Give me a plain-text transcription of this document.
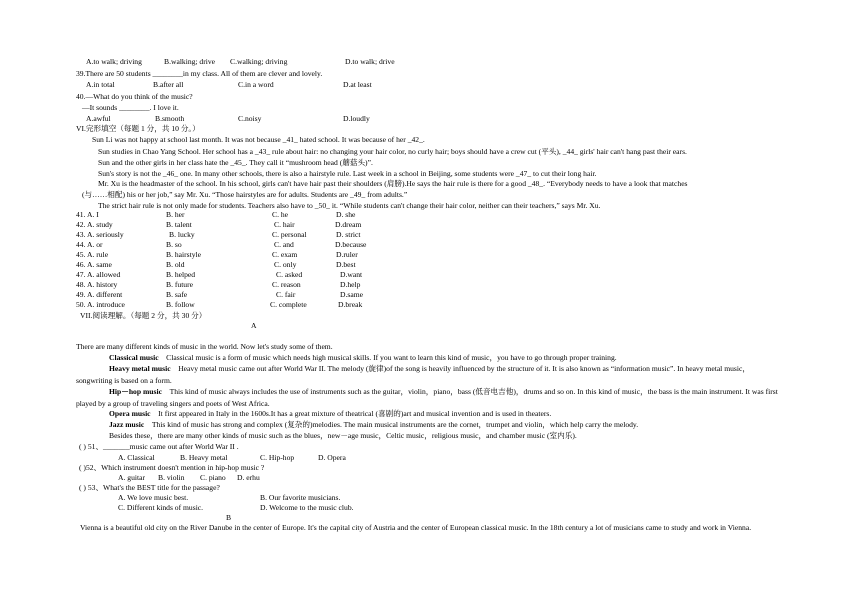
A.to walk; driving	B.walking; drive C.walking; driving	D.to walk; drive
39.There are 50 students ________in my class. All of them are clever and lovely.
A.in total	B.after all	C.in a word	D.at least
40.—What do you think of the music?
—It sounds ________. I love it.
A.awful	B.smooth	C.noisy	D.loudly
VI.完形填空（每题 1 分，共 10 分。）
Sun Li was not happy at school last month. It was not because _41_ hated school. It was because of her _42_.
Sun studies in Chao Yang School. Her school has a _43_ rule about hair: no changing your hair color, no curly hair; boys should have a crew cut (平头), _44_ girls' hair can't hang past their ears.
Sun and the other girls in her class hate the _45_. They call it “mushroom head (蘑菇头)”.
Sun's story is not the _46_ one. In many other schools, there is also a hairstyle rule. Last week in a school in Beijing, some students were _47_ to cut their long hair.
Mr. Xu is the headmaster of the school. In his school, girls can't have hair past their shoulders (肩膀).He says the hair rule is there for a good _48_. “Everybody needs to have a look that matches
(与……相配) his or her job,” say Mr. Xu. “Those hairstyles are for adults. Students are _49_ from adults.”
The strict hair rule is not only made for students. Teachers also have to _50_ it. “While students can't change their hair color, neither can their teachers,” says Mr. Xu.
41. A. I	B. her	C. he	D. she
42. A. study	B. talent	C. hair	D.dream
43. A. seriously	B. lucky	C. personal	D. strict
44. A. or	B. so	C. and	D.because
45. A. rule	B. hairstyle	C. exam	D.ruler
46. A. same	B. old	C. only	D.best
47. A. allowed	B. helped	C. asked	D.want
48. A. history	B. future	C. reason	D.help
49. A. different	B. safe	C. fair	D.same
50. A. introduce	B. follow	C. complete	D.break
VII.阅读理解。（每题 2 分，共 30 分）
A
There are many different kinds of music in the world. Now let's study some of them.
Classical music Classical music is a form of music which needs high musical skills. If you want to learn this kind of music，you have to go through proper training.
Heavy metal music Heavy metal music came out after World War II. The melody (旋律)of the song is heavily influenced by the structure of it. It is also known as “information music”. In heavy metal music，songwriting is based on a form.
Hip－hop music This kind of music always includes the use of instruments such as the guitar，violin，piano，bass (低音电吉他)，drums and so on. In this kind of music，the bass is the main instrument. It was first played by a group of traveling singers and poets of West Africa.
Opera music It first appeared in Italy in the 1600s.It has a great mixture of theatrical (喜剧的)art and musical invention and is used in theaters.
Jazz music This kind of music has strong and complex (复杂的)melodies. The main musical instruments are the cornet，trumpet and violin，which help carry the melody.
Besides these，there are many other kinds of music such as the blues，new－age music，Celtic music，religious music，and chamber music (室内乐).
( ) 51、_______music came out after World War II .
A. Classical	B. Heavy metal	C. Hip-hop	D. Opera
( )52、Which instrument doesn't mention in hip-hop music ?
A. guitar B. violin C. piano D. erhu
( ) 53、What's the BEST title for the passage?
A. We love music best.	B. Our favorite musicians.
C. Different kinds of music.	D. Welcome to the music club.
B
Vienna is a beautiful old city on the River Danube in the center of Europe. It's the capital city of Austria and the center of European classical music. In the 18th century a lot of musicians came to study and work in Vienna.
